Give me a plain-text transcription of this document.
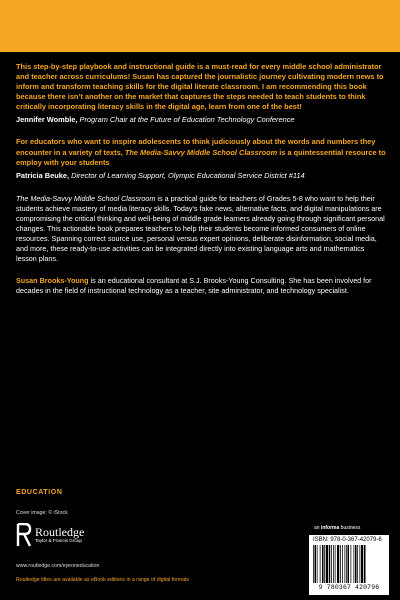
This step-by-step playbook and instructional guide is a must-read for every middle school administrator and teacher across curriculums! Susan has captured the journalistic journey cultivating modern news to inform and transform teaching skills for the digital literate classroom. I am recommending this book because there isn’t another on the market that captures the steps needed to teach students to think critically incorporating literacy skills in the digital age, learn from one of the best!
Jennifer Womble, Program Chair at the Future of Education Technology Conference
For educators who want to inspire adolescents to think judiciously about the words and numbers they encounter in a variety of texts, The Media-Savvy Middle School Classroom is a quintessential resource to employ with your students
Patricia Beuke, Director of Learning Support, Olympic Educational Service District #114
The Media-Savvy Middle School Classroom is a practical guide for teachers of Grades 5-8 who want to help their students achieve mastery of media literacy skills. Today’s fake news, alternative facts, and digital manipulations are compromising the critical thinking and well-being of middle grade learners already going through significant personal changes. This actionable book prepares teachers to help their students become informed consumers of online resources. Spanning correct source use, personal versus expert opinions, deliberate disinformation, social media, and more, these ready-to-use activities can be integrated directly into existing language arts and mathematics lesson plans.
Susan Brooks-Young is an educational consultant at S.J. Brooks-Young Consulting. She has been involved for decades in the field of instructional technology as a teacher, site administrator, and technology specialist.
EDUCATION
Cover image: © iStock
Routledge
Taylor & Francis Group
www.routledge.com/eyeoneducation
Routledge titles are available as eBook editions in a range of digital formats
an informa business
ISBN: 978-0-367-42079-6
9 780367 420796
